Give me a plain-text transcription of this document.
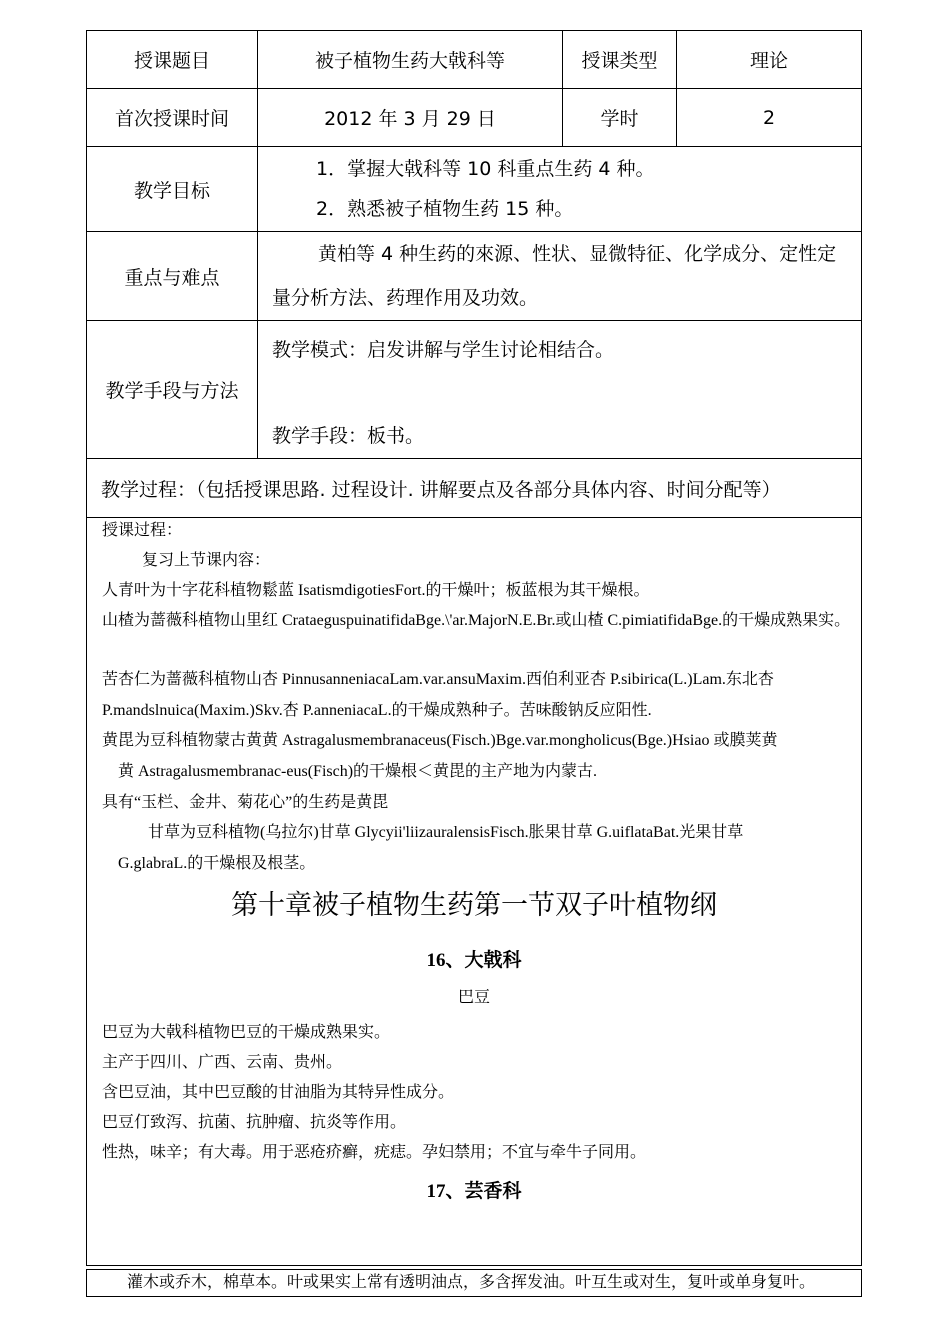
授课题目	被子植物生药大戟科等	授课类型	理论
首次授课时间	2012 年 3 月 29 日	学时	2
教学目标	1．掌握大戟科等 10 科重点生药 4 种。
2．熟悉被子植物生药 15 种。		

重点与难点	黄柏等 4 种生药的來源、性状、显微特征、化学成分、定性定量分析方法、药理作用及功效。		

教学手段与方法	教学模式：启发讲解与学生讨论相结合。
教学手段：板书。		

教学过程：（包括授课思路. 过程设计. 讲解要点及各部分具体内容、时间分配等）			
授课过程：
复习上节课内容：
人青叶为十字花科植物鬆蓝 IsatismdigotiesFort.的干燥叶；板蓝根为其干燥根。
山楂为蔷薇科植物山里红 CrataeguspuinatifidaBge.\'ar.MajorN.E.Br.或山楂 C.pimiatifidaBge.的干燥成熟果实。
苦杏仁为蔷薇科植物山杏 PinnusanneniacaLam.var.ansuMaxim.西伯利亚杏 P.sibirica(L.)Lam.东北杏 P.mandslnuica(Maxim.)Skv.杏 P.anneniacaL.的干燥成熟种子。苦味酸钠反应阳性.
黄毘为豆科植物蒙古黄黄 Astragalusmembranaceus(Fisch.)Bge.var.mongholicus(Bge.)Hsiao 或膜荚黄
黄 Astragalusmembranac-eus(Fisch)的干燥根＜黄毘的主产地为内蒙古.
具有“玉栏、金井、菊花心”的生药是黄毘
甘草为豆科植物(乌拉尔)甘草 Glycyii'liizauralensisFisch.胀果甘草 G.uiflataBat.光果甘草
G.glabraL.的干燥根及根茎。
第十章被子植物生药第一节双子叶植物纲
16、大戟科
巴豆
巴豆为大戟科植物巴豆的干燥成熟果实。
主产于四川、广西、云南、贵州。
含巴豆油，其中巴豆酸的甘油脂为其特异性成分。
巴豆仃致泻、抗菌、抗肿瘤、抗炎等作用。
性热，味辛；有大毒。用于恶疮疥癣，疣痣。孕妇禁用；不宜与牵牛子同用。
17、芸香科
灌木或乔木，棉草本。叶或果实上常有透明油点，多含挥发油。叶互生或对生，复叶或单身复叶。
